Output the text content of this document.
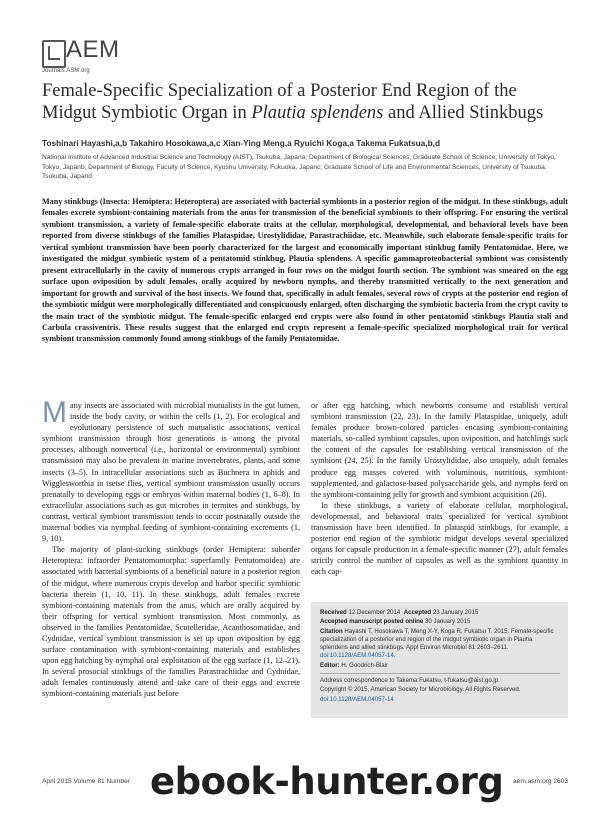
AEM
Journals.ASM.org
Female-Specific Specialization of a Posterior End Region of the Midgut Symbiotic Organ in Plautia splendens and Allied Stinkbugs
Toshinari Hayashi,a,b Takahiro Hosokawa,a,c Xian-Ying Meng,a Ryuichi Koga,a Takema Fukatsua,b,d
National Institute of Advanced Industrial Science and Technology (AIST), Tsukuba, Japana; Department of Biological Sciences, Graduate School of Science, University of Tokyo, Tokyo, Japanb; Department of Biology, Faculty of Science, Kyushu University, Fukuoka, Japanc; Graduate School of Life and Environmental Sciences, University of Tsukuba, Tsukuba, Japand
Many stinkbugs (Insecta: Hemiptera: Heteroptera) are associated with bacterial symbionts in a posterior region of the midgut. In these stinkbugs, adult females excrete symbiont-containing materials from the anus for transmission of the beneficial symbionts to their offspring. For ensuring the vertical symbiont transmission, a variety of female-specific elaborate traits at the cellular, morphological, developmental, and behavioral levels have been reported from diverse stinkbugs of the families Plataspidae, Urostylididae, Parastrachiidae, etc. Meanwhile, such elaborate female-specific traits for vertical symbiont transmission have been poorly characterized for the largest and economically important stinkbug family Pentatomidae. Here, we investigated the midgut symbiotic system of a pentatomid stinkbug, Plautia splendens. A specific gammaproteobacterial symbiont was consistently present extracellularly in the cavity of numerous crypts arranged in four rows on the midgut fourth section. The symbiont was smeared on the egg surface upon oviposition by adult females, orally acquired by newborn nymphs, and thereby transmitted vertically to the next generation and important for growth and survival of the host insects. We found that, specifically in adult females, several rows of crypts at the posterior end region of the symbiotic midgut were morphologically differentiated and conspicuously enlarged, often discharging the symbiotic bacteria from the crypt cavity to the main tract of the symbiotic midgut. The female-specific enlarged end crypts were also found in other pentatomid stinkbugs Plautia stali and Carbula crassiventris. These results suggest that the enlarged end crypts represent a female-specific specialized morphological trait for vertical symbiont transmission commonly found among stinkbugs of the family Pentatomidae.

Many insects are associated with microbial mutualists in the gut lumen, inside the body cavity, or within the cells (1, 2). For ecological and evolutionary persistence of such mutualistic associations, vertical symbiont transmission through host generations is among the pivotal processes, although nonvertical (i.e., horizontal or environmental) symbiont transmission may also be prevalent in marine invertebrates, plants, and some insects (3–5). In intracellular associations such as Buchnera in aphids and Wigglesworthia in tsetse flies, vertical symbiont transmission usually occurs prenatally to developing eggs or embryos within maternal bodies (1, 6–8). In extracellular associations such as gut microbes in termites and stinkbugs, by contrast, vertical symbiont transmission tends to occur postnatally outside the maternal bodies via nymphal feeding of symbiont-containing excrements (1, 9, 10).

The majority of plant-sucking stinkbugs (order Hemiptera: suborder Heteroptera: infraorder Pentatomomorpha: superfamily Pentatomoidea) are associated with bacterial symbionts of a beneficial nature in a posterior region of the midgut, where numerous crypts develop and harbor specific symbiotic bacteria therein (1, 10, 11). In these stinkbugs, adult females excrete symbiont-containing materials from the anus, which are orally acquired by their offspring for vertical symbiont transmission. Most commonly, as observed in the families Pentatomidae, Scutelleridae, Acanthosomatidae, and Cydnidae, vertical symbiont transmission is set up upon oviposition by egg surface contamination with symbiont-containing materials and establishes upon egg hatching by nymphal oral exploitation of the egg surface (1, 12–21). In several prosocial stinkbugs of the families Parastrachiidae and Cydnidae, adult females continuously attend and take care of their eggs and excrete symbiont-containing materials just before

or after egg hatching, which newborns consume and establish vertical symbiont transmission (22, 23). In the family Plataspidae, uniquely, adult females produce brown-colored particles encasing symbiont-containing materials, so-called symbiont capsules, upon oviposition, and hatchlings suck the content of the capsules for establishing vertical transmission of the symbiont (24, 25). In the family Urostylididae, also uniquely, adult females produce egg masses covered with voluminous, nutritious, symbiont-supplemented, and galactose-based polysaccharide gels, and nymphs feed on the symbiont-containing jelly for growth and symbiont acquisition (26).

In these stinkbugs, a variety of elaborate cellular, morphological, developmental, and behavioral traits specialized for vertical symbiont transmission have been identified. In plataspid stinkbugs, for example, a posterior end region of the symbiotic midgut develops several specialized organs for capsule production in a female-specific manner (27), adult females strictly control the number of capsules as well as the symbiont quantity in each cap-

Received 12 December 2014 Accepted 23 January 2015
Accepted manuscript posted online 30 January 2015
Citation Hayashi T, Hosokawa T, Meng X-Y, Koga R, Fukatsu T. 2015. Female-specific specialization of a posterior end region of the midgut symbiotic organ in Plautia splendens and allied stinkbugs. Appl Environ Microbiol 81:2603–2611. doi:10.1128/AEM.04057-14.
Editor: H. Goodrich-Blair
Address correspondence to Takema Fukatsu, t-fukatsu@aist.go.jp.
Copyright © 2015, American Society for Microbiology. All Rights Reserved.
doi:10.1128/AEM.04057-14
April 2015 Volume 81 Number	aem.asm.org 2603
ebook-hunter.org
